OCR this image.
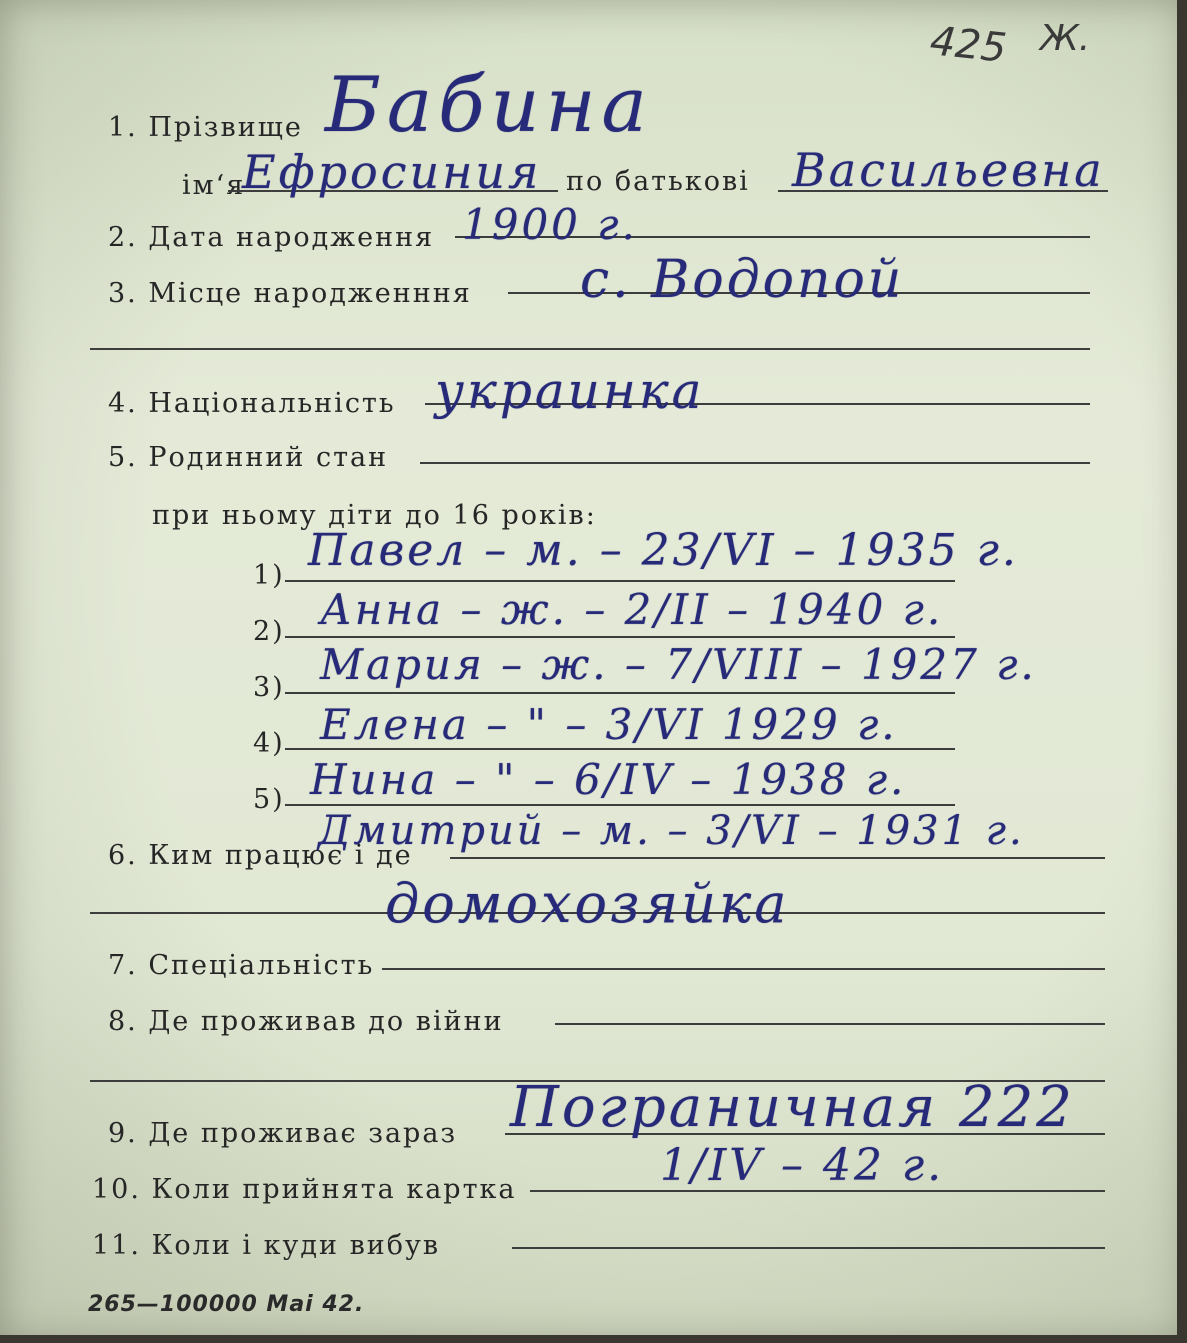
425 Ж.
1. Прізвище Бабина
ім‘я
Ефросиния по батькові Васильевна
2. Дата народження 1900 г.
3. Місце народженння с. Водопой
4. Національність украинка
5. Родинний стан
при ньому діти до 16 років:
1) Павел – м. – 23/VI – 1935 г.
2) Анна – ж. – 2/II – 1940 г.
3) Мария – ж. – 7/VIII – 1927 г.
4) Елена – " – 3/VI 1929 г.
5) Нина – " – 6/IV – 1938 г.
Дмитрий – м. – 3/VI – 1931 г.
6. Ким працює і де
домохозяйка
7. Спеціальність
8. Де проживав до війни
9. Де проживає зараз Пограничная 222
10. Коли прийнята картка	1/IV – 42 г.
11. Коли і куди вибув
265—100000 Mai 42.
